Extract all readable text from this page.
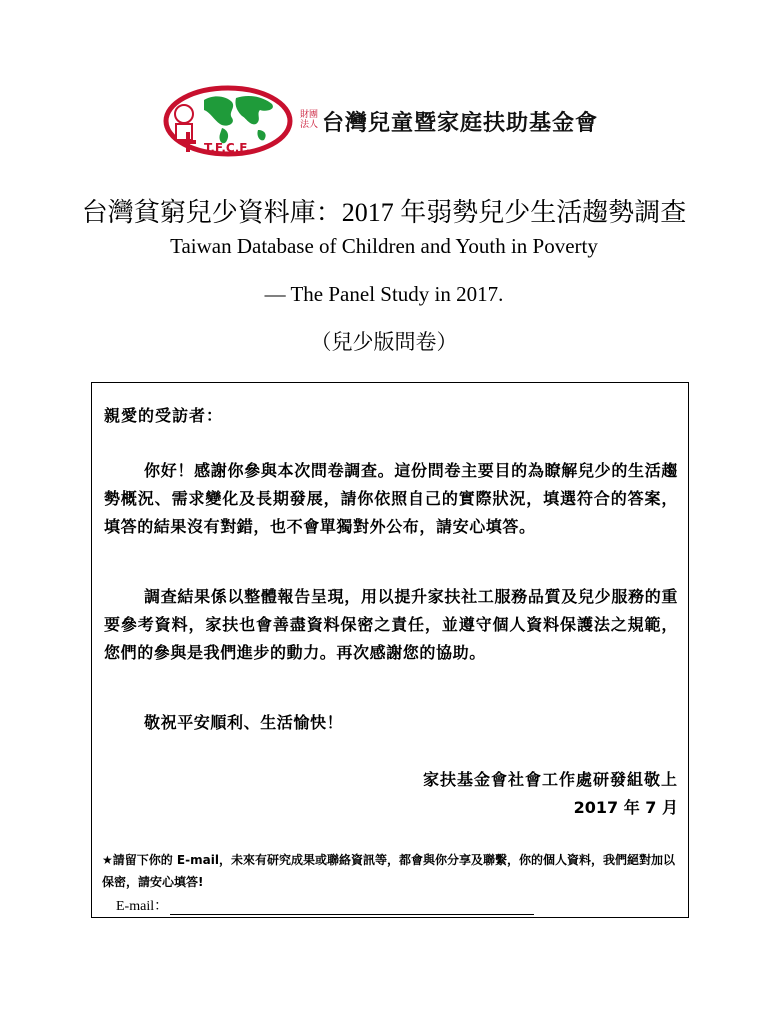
T.F.C.F.
財團法人 台灣兒童暨家庭扶助基金會
台灣貧窮兒少資料庫：2017 年弱勢兒少生活趨勢調查
Taiwan Database of Children and Youth in Poverty
— The Panel Study in 2017.
（兒少版問卷）
親愛的受訪者：

你好！感謝你參與本次問卷調查。這份問卷主要目的為瞭解兒少的生活趨勢概況、需求變化及長期發展，請你依照自己的實際狀況，填選符合的答案，填答的結果沒有對錯，也不會單獨對外公布，請安心填答。

調查結果係以整體報告呈現，用以提升家扶社工服務品質及兒少服務的重要參考資料，家扶也會善盡資料保密之責任，並遵守個人資料保護法之規範，您們的參與是我們進步的動力。再次感謝您的協助。

敬祝平安順利、生活愉快！

家扶基金會社會工作處研發組敬上
2017 年 7 月

★請留下你的 E-mail，未來有研究成果或聯絡資訊等，都會與你分享及聯繫，你的個人資料，我們絕對加以保密，請安心填答!

E-mail：
